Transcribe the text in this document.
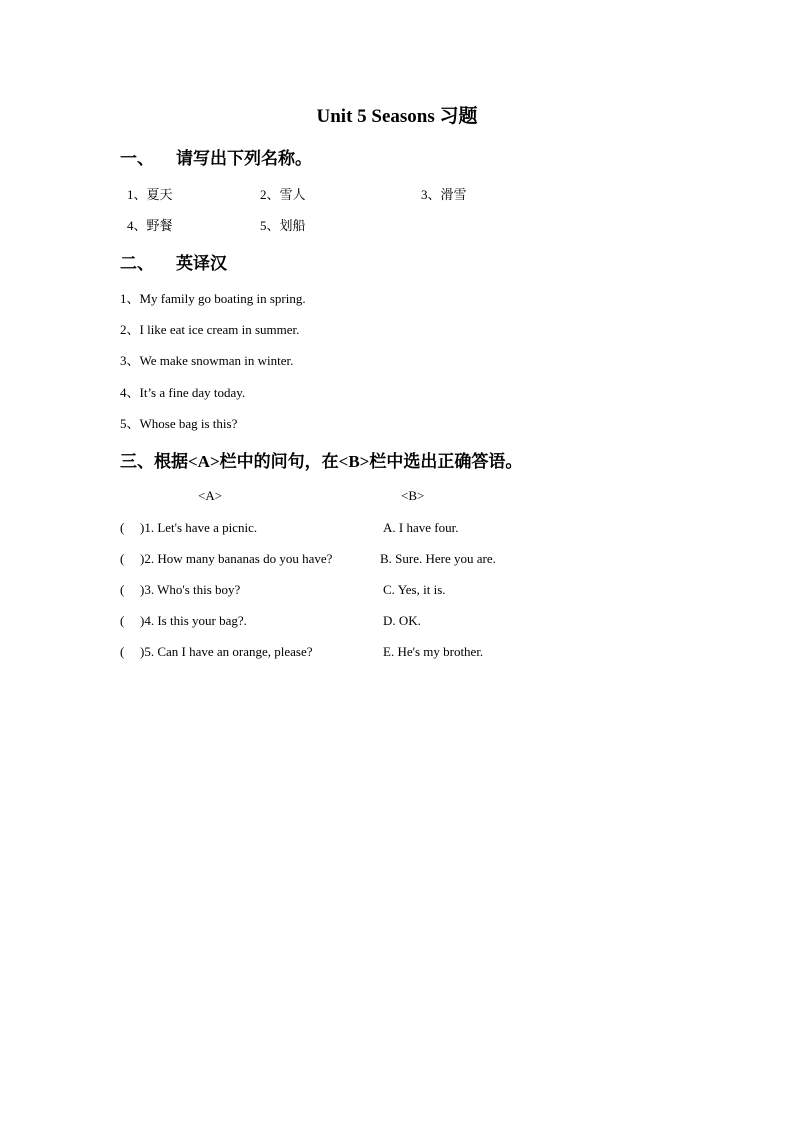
Unit 5 Seasons 习题
一、 请写出下列名称。
1、夏天	2、雪人	3、滑雪
4、野餐	5、划船
二、 英译汉
1、My family go boating in spring.
2、I like eat ice cream in summer.
3、We make snowman in winter.
4、It’s a fine day today.
5、Whose bag is this?
三、根据<A>栏中的问句，在<B>栏中选出正确答语。
<A>	<B>
( )1. Let's have a picnic.	A. I have four.
( )2. How many bananas do you have?	B. Sure. Here you are.
( )3. Who's this boy?	C. Yes, it is.
( )4. Is this your bag?.	D. OK.
( )5. Can I have an orange, please?	E. He's my brother.
